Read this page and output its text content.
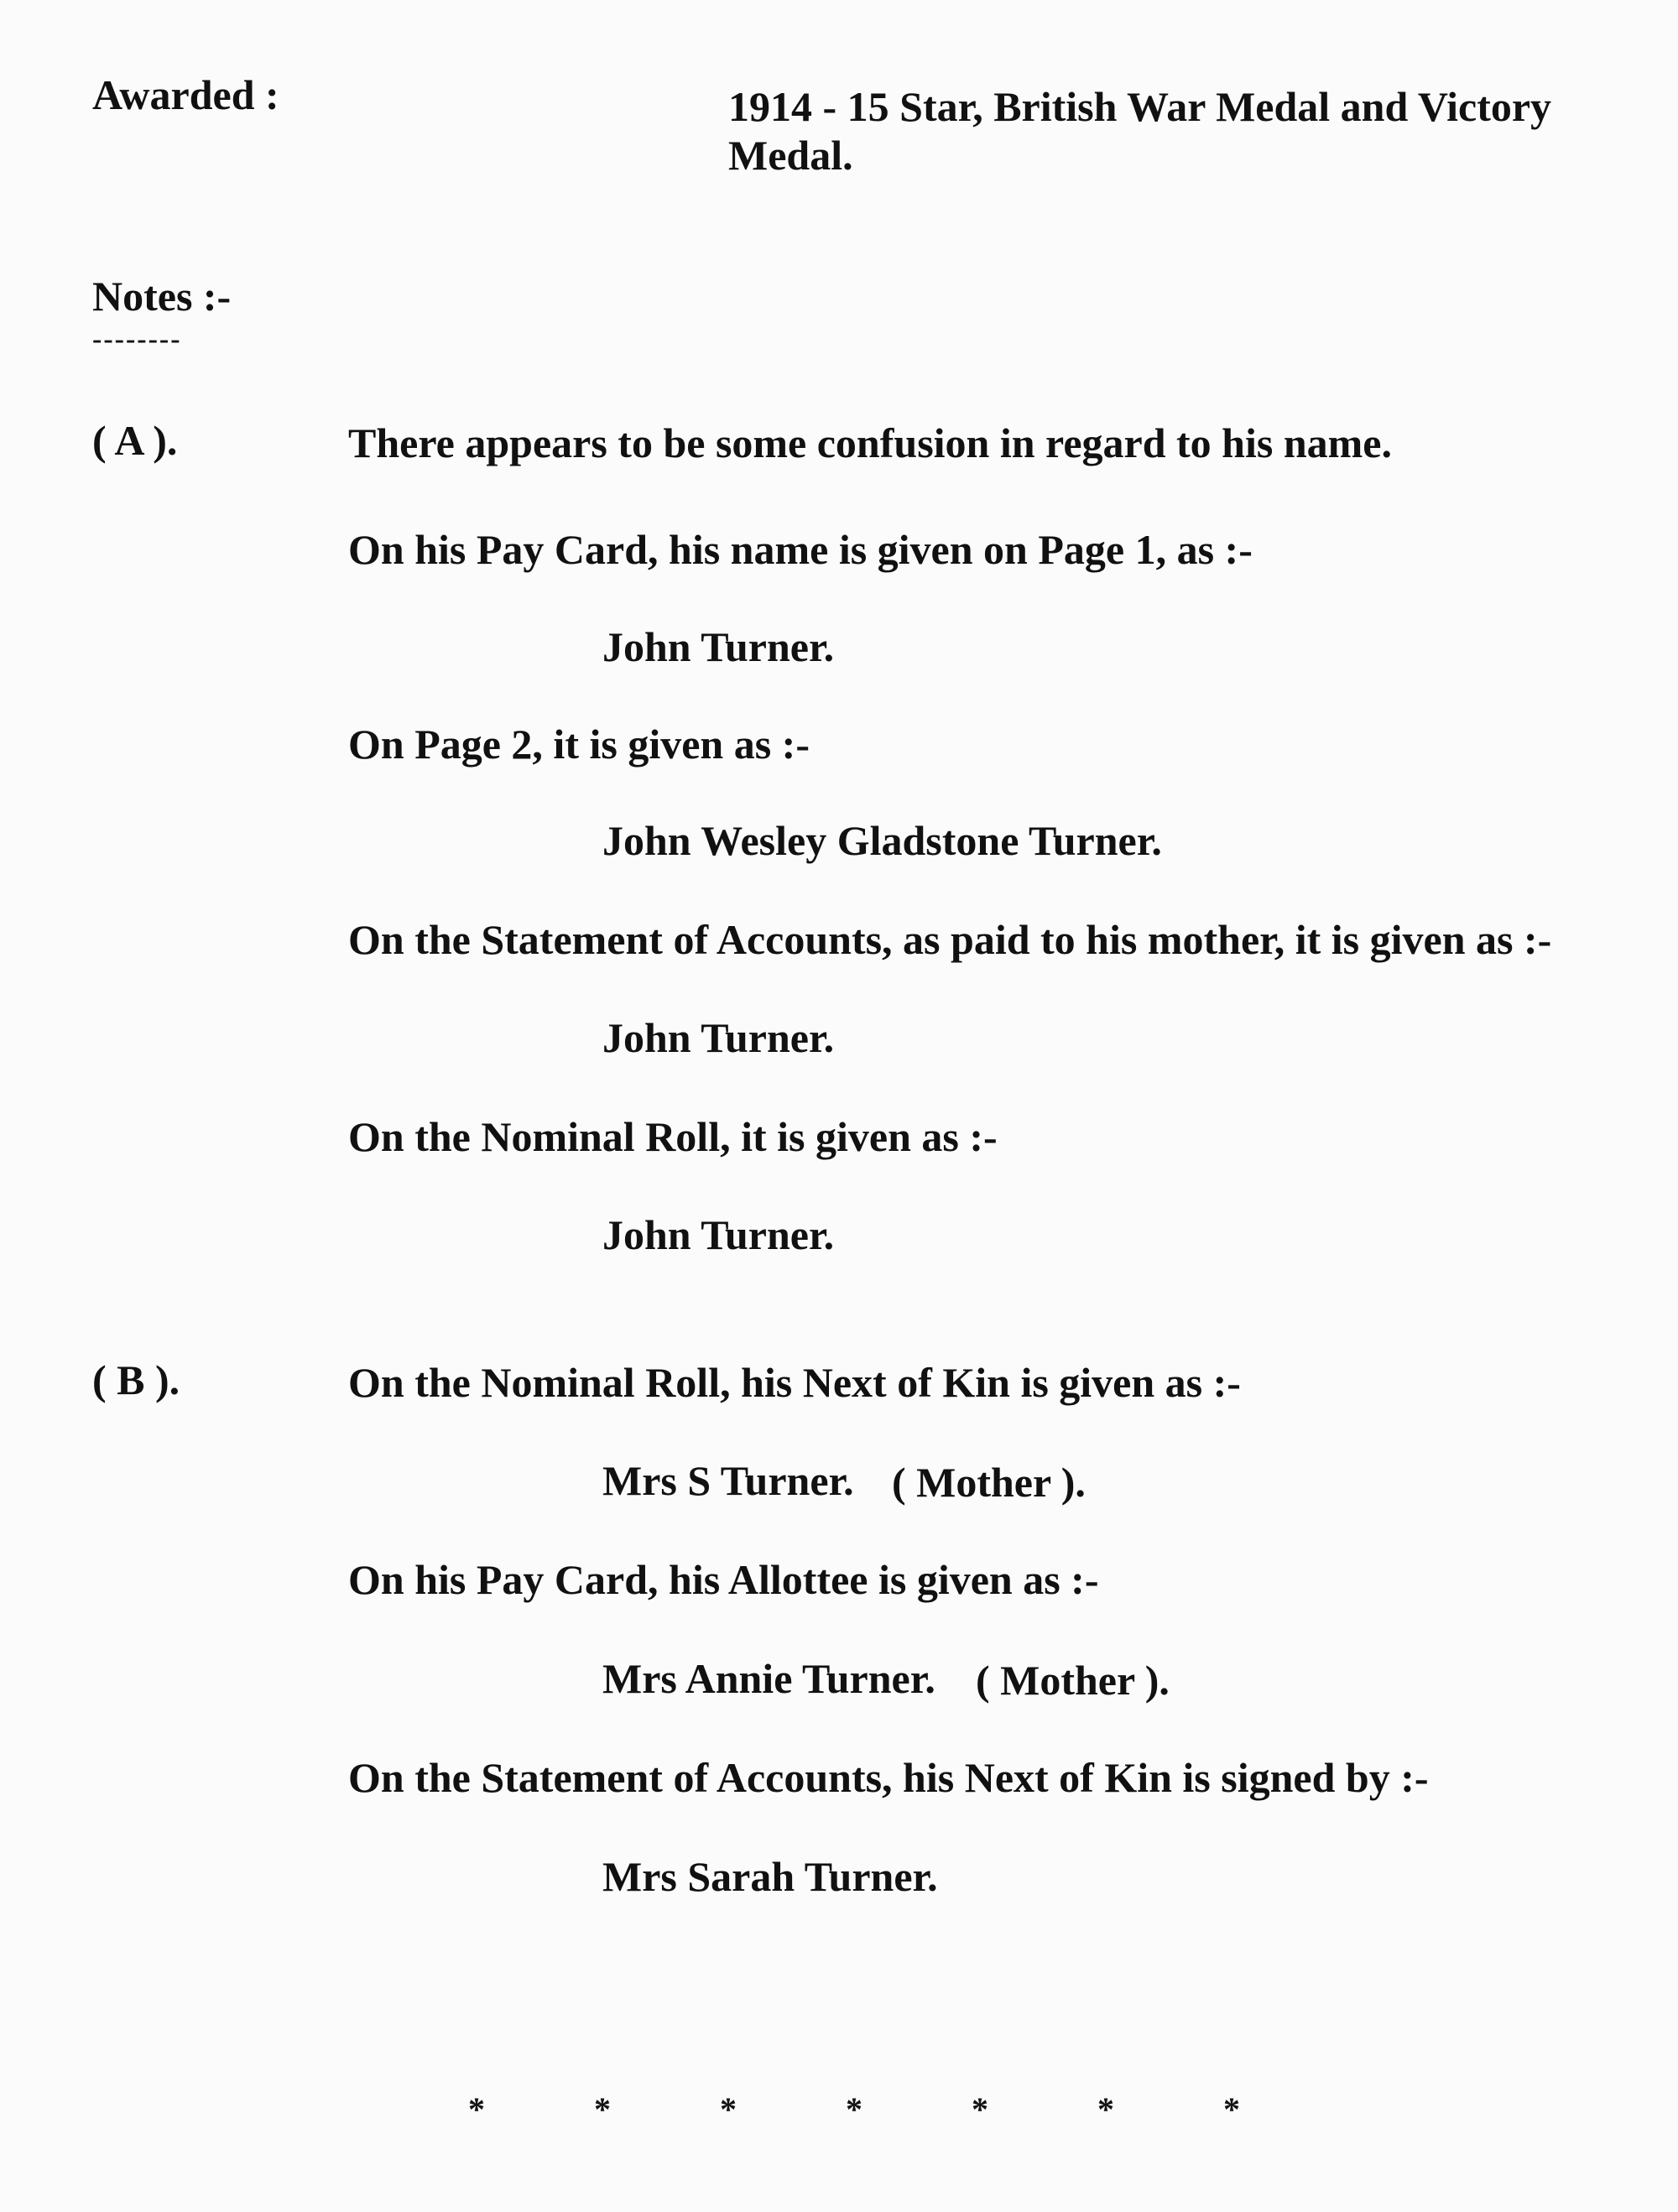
Awarded :	1914 - 15 Star, British War Medal and Victory Medal.
Notes :-
--------
( A ).	There appears to be some confusion in regard to his name.
On his Pay Card, his name is given on Page 1, as :-
John Turner.
On Page 2, it is given as :-
John Wesley Gladstone Turner.
On the Statement of Accounts, as paid to his mother, it is given as :-
John Turner.
On the Nominal Roll, it is given as :-
John Turner.
( B ).	On the Nominal Roll, his Next of Kin is given as :-
Mrs S Turner. ( Mother ).
On his Pay Card, his Allottee is given as :-
Mrs Annie Turner. ( Mother ).
On the Statement of Accounts, his Next of Kin is signed by :-
Mrs Sarah Turner.
*	*	*	*	*	*	*
